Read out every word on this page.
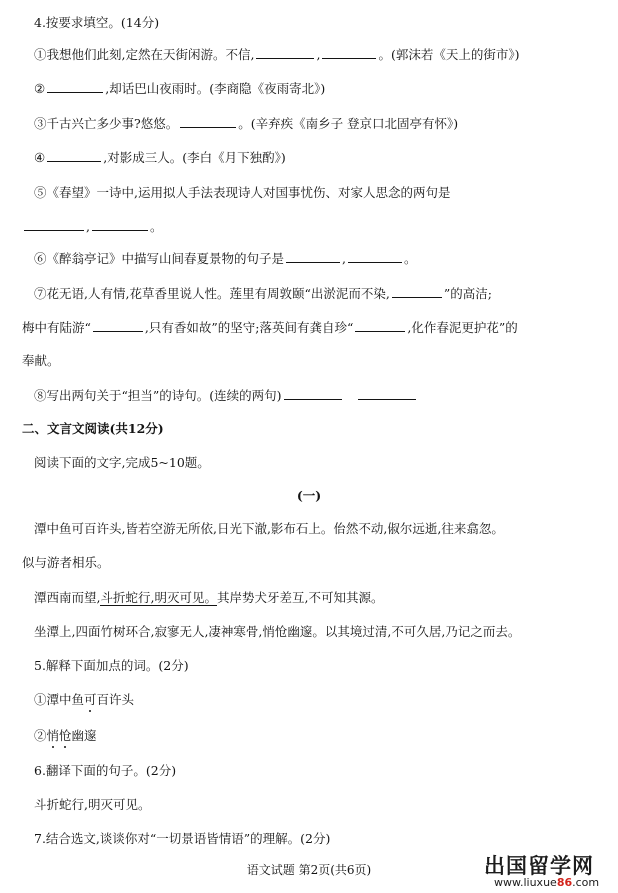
4.按要求填空。(14分)
①我想他们此刻,定然在天街闲游。不信,	,	。(郭沫若《天上的街市》)
②	,却话巴山夜雨时。(李商隐《夜雨寄北》)
③千古兴亡多少事?悠悠。	。(辛弃疾《南乡子 登京口北固亭有怀》)
④	,对影成三人。(李白《月下独酌》)
⑤《春望》一诗中,运用拟人手法表现诗人对国事忧伤、对家人思念的两句是
,	。
⑥《醉翁亭记》中描写山间春夏景物的句子是	,	。
⑦花无语,人有情,花草香里说人性。莲里有周敦颐“出淤泥而不染,	”的高洁;
梅中有陆游“	,只有香如故”的坚守;落英间有龚自珍“	,化作春泥更护花”的
奉献。
⑧写出两句关于“担当”的诗句。(连续的两句)
二、文言文阅读(共12分)
阅读下面的文字,完成5~10题。
(一)
潭中鱼可百许头,皆若空游无所依,日光下澈,影布石上。佁然不动,俶尔远逝,往来翕忽。
似与游者相乐。
潭西南而望,斗折蛇行,明灭可见。其岸势犬牙差互,不可知其源。
坐潭上,四面竹树环合,寂寥无人,凄神寒骨,悄怆幽邃。以其境过清,不可久居,乃记之而去。
5.解释下面加点的词。(2分)
①潭中鱼可百许头
②悄怆幽邃
6.翻译下面的句子。(2分)
斗折蛇行,明灭可见。
7.结合选文,谈谈你对“一切景语皆情语”的理解。(2分)
语文试题 第2页(共6页)	出国留学网
www.liuxue86.com
